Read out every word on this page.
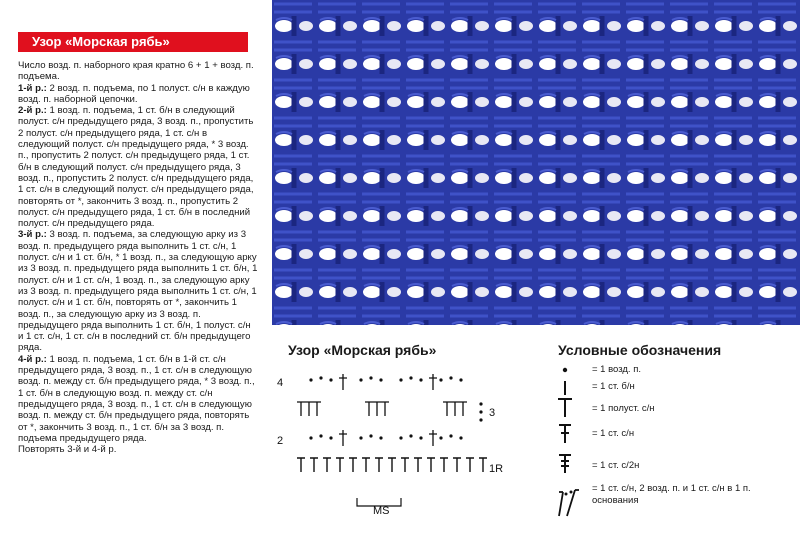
Узор «Морская рябь»

Число возд. п. наборного края кратно 6 + 1 + возд. п. подъема.

1-й р.: 2 возд. п. подъема, по 1 полуст. с/н в каждую возд. п. наборной цепочки.

2-й р.: 1 возд. п. подъема, 1 ст. б/н в следующий полуст. с/н предыдущего ряда, 3 возд. п., пропустить 2 полуст. с/н предыдущего ряда, 1 ст. с/н в следующий полуст. с/н предыдущего ряда, * 3 возд. п., пропустить 2 полуст. с/н предыдущего ряда, 1 ст. б/н в следующий полуст. с/н предыдущего ряда, 3 возд. п., пропустить 2 полуст. с/н предыдущего ряда, 1 ст. с/н в следующий полуст. с/н предыдущего ряда, повторять от *, закончить 3 возд. п., пропустить 2 полуст. с/н предыдущего ряда, 1 ст. б/н в последний полуст. с/н предыдущего ряда.

3-й р.: 3 возд. п. подъема, за следующую арку из 3 возд. п. предыдущего ряда выполнить 1 ст. с/н, 1 полуст. с/н и 1 ст. б/н, * 1 возд. п., за следующую арку из 3 возд. п. предыдущего ряда выполнить 1 ст. б/н, 1 полуст. с/н и 1 ст. с/н, 1 возд. п., за следующую арку из 3 возд. п. предыдущего ряда выполнить 1 ст. с/н, 1 полуст. с/н и 1 ст. б/н, повторять от *, закончить 1 возд. п., за следующую арку из 3 возд. п. предыдущего ряда выполнить 1 ст. б/н, 1 полуст. с/н и 1 ст. с/н, 1 ст. с/н в последний ст. б/н предыдущего ряда.

4-й р.: 1 возд. п. подъема, 1 ст. б/н в 1-й ст. с/н предыдущего ряда, 3 возд. п., 1 ст. с/н в следующую возд. п. между ст. б/н предыдущего ряда, * 3 возд. п., 1 ст. б/н в следующую возд. п. между ст. с/н предыдущего ряда, 3 возд. п., 1 ст. с/н в следующую возд. п. между ст. б/н предыдущего ряда, повторять от *, закончить 3 возд. п., 1 ст. б/н за 3 возд. п. подъема предыдущего ряда.

Повторять 3-й и 4-й р.

Узор «Морская рябь»
4
3
2
1R
MS
Условные обозначения
= 1 возд. п.
= 1 ст. б/н
= 1 полуст. с/н
= 1 ст. с/н
= 1 ст. с/2н
= 1 ст. с/н, 2 возд. п. и 1 ст. с/н в 1 п. основания
